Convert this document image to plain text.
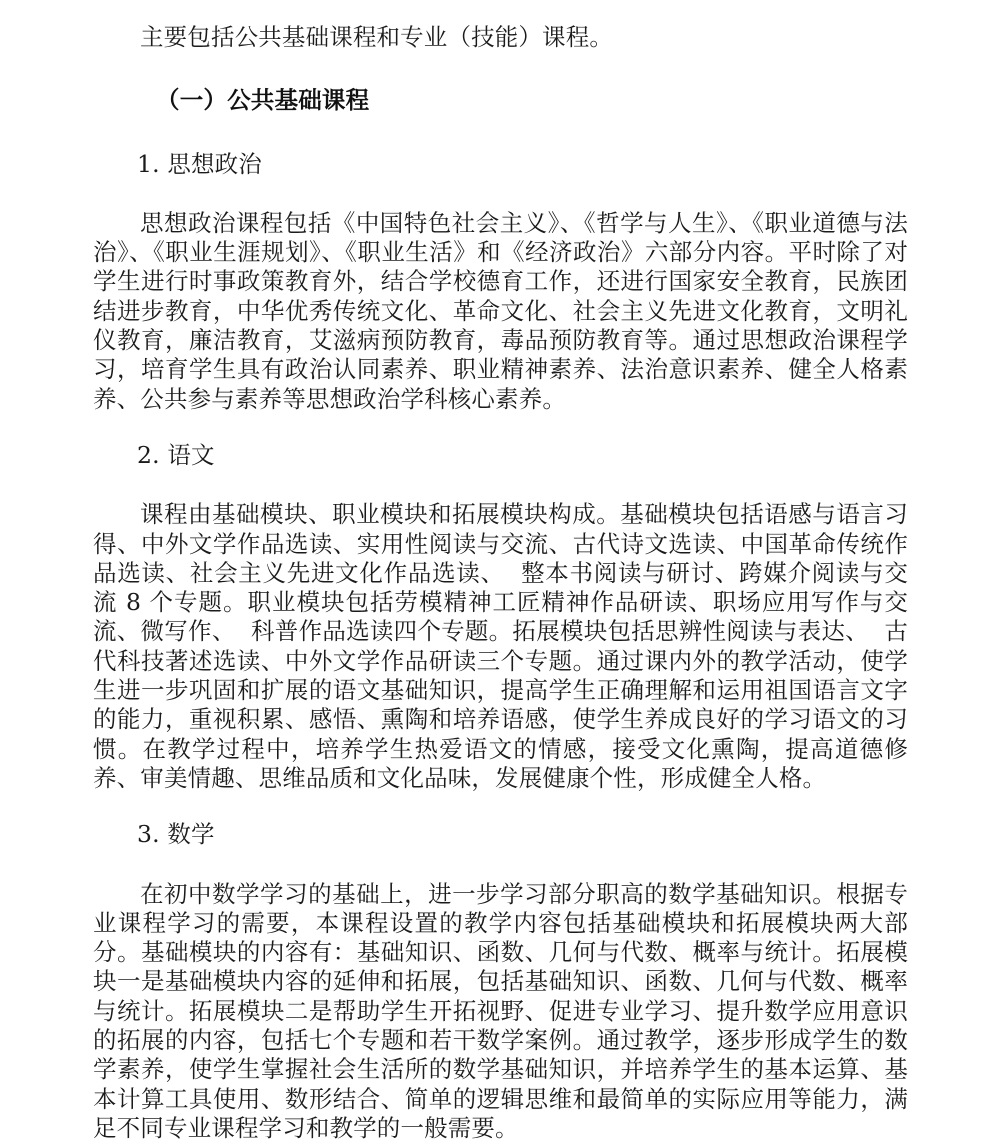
主要包括公共基础课程和专业（技能）课程。

（一）公共基础课程

1. 思想政治

思想政治课程包括《中国特色社会主义》、《哲学与人生》、《职业道德与法治》、《职业生涯规划》、《职业生活》和《经济政治》六部分内容。平时除了对学生进行时事政策教育外，结合学校德育工作，还进行国家安全教育，民族团结进步教育，中华优秀传统文化、革命文化、社会主义先进文化教育，文明礼仪教育，廉洁教育，艾滋病预防教育，毒品预防教育等。通过思想政治课程学习，培育学生具有政治认同素养、职业精神素养、法治意识素养、健全人格素养、公共参与素养等思想政治学科核心素养。

2. 语文

课程由基础模块、职业模块和拓展模块构成。基础模块包括语感与语言习得、中外文学作品选读、实用性阅读与交流、古代诗文选读、中国革命传统作品选读、社会主义先进文化作品选读、  整本书阅读与研讨、跨媒介阅读与交流 8 个专题。职业模块包括劳模精神工匠精神作品研读、职场应用写作与交流、微写作、  科普作品选读四个专题。拓展模块包括思辨性阅读与表达、  古代科技著述选读、中外文学作品研读三个专题。通过课内外的教学活动，使学生进一步巩固和扩展的语文基础知识，提高学生正确理解和运用祖国语言文字的能力，重视积累、感悟、熏陶和培养语感，使学生养成良好的学习语文的习惯。在教学过程中，培养学生热爱语文的情感，接受文化熏陶，提高道德修养、审美情趣、思维品质和文化品味，发展健康个性，形成健全人格。

3. 数学

在初中数学学习的基础上，进一步学习部分职高的数学基础知识。根据专业课程学习的需要，本课程设置的教学内容包括基础模块和拓展模块两大部分。基础模块的内容有：基础知识、函数、几何与代数、概率与统计。拓展模块一是基础模块内容的延伸和拓展，包括基础知识、函数、几何与代数、概率与统计。拓展模块二是帮助学生开拓视野、促进专业学习、提升数学应用意识的拓展的内容，包括七个专题和若干数学案例。通过教学，逐步形成学生的数学素养，使学生掌握社会生活所的数学基础知识，并培养学生的基本运算、基本计算工具使用、数形结合、简单的逻辑思维和最简单的实际应用等能力，满足不同专业课程学习和教学的一般需要。
